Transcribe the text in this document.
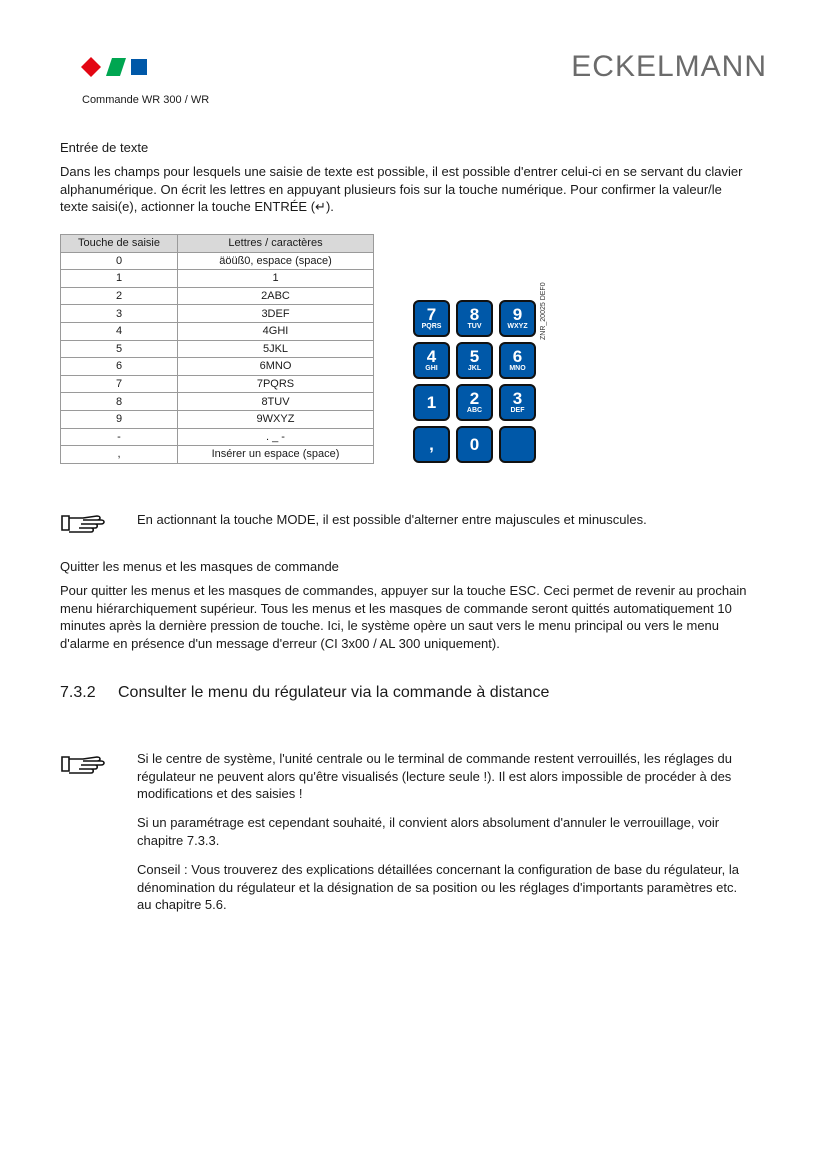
ECKELMANN
Commande WR 300 / WR
Entrée de texte
Dans les champs pour lesquels une saisie de texte est possible, il est possible d'entrer celui-ci en se servant du clavier alphanumérique. On écrit les lettres en appuyant plusieurs fois sur la touche numérique. Pour confirmer la valeur/le texte saisi(e), actionner la touche ENTRÉE (↵).
Touche de saisie	Lettres / caractères
0	äöüß0, espace (space)
1	1
2	2ABC
3	3DEF
4	4GHI
5	5JKL
6	6MNO
7	7PQRS
8	8TUV
9	9WXYZ
-	. _ -
,	Insérer un espace (space)
7
PQRS
8
TUV
9
WXYZ
4
GHI
5
JKL
6
MNO
1	2
ABC
3
DEF
,	0
ZNR_20025 DEF0
En actionnant la touche MODE, il est possible d'alterner entre majuscules et minuscules.
Quitter les menus et les masques de commande
Pour quitter les menus et les masques de commandes, appuyer sur la touche ESC. Ceci permet de revenir au prochain menu hiérarchiquement supérieur. Tous les menus et les masques de commande seront quittés automatiquement 10 minutes après la dernière pression de touche. Ici, le système opère un saut vers le menu principal ou vers le menu d'alarme en présence d'un message d'erreur (CI 3x00 / AL 300 uniquement).
7.3.2 Consulter le menu du régulateur via la commande à distance
Si le centre de système, l'unité centrale ou le terminal de commande restent verrouillés, les réglages du régulateur ne peuvent alors qu'être visualisés (lecture seule !). Il est alors impossible de procéder à des modifications et des saisies !
Si un paramétrage est cependant souhaité, il convient alors absolument d'annuler le verrouillage, voir chapitre 7.3.3.
Conseil : Vous trouverez des explications détaillées concernant la configuration de base du régulateur, la dénomination du régulateur et la désignation de sa position ou les réglages d'importants paramètres etc. au chapitre 5.6.
